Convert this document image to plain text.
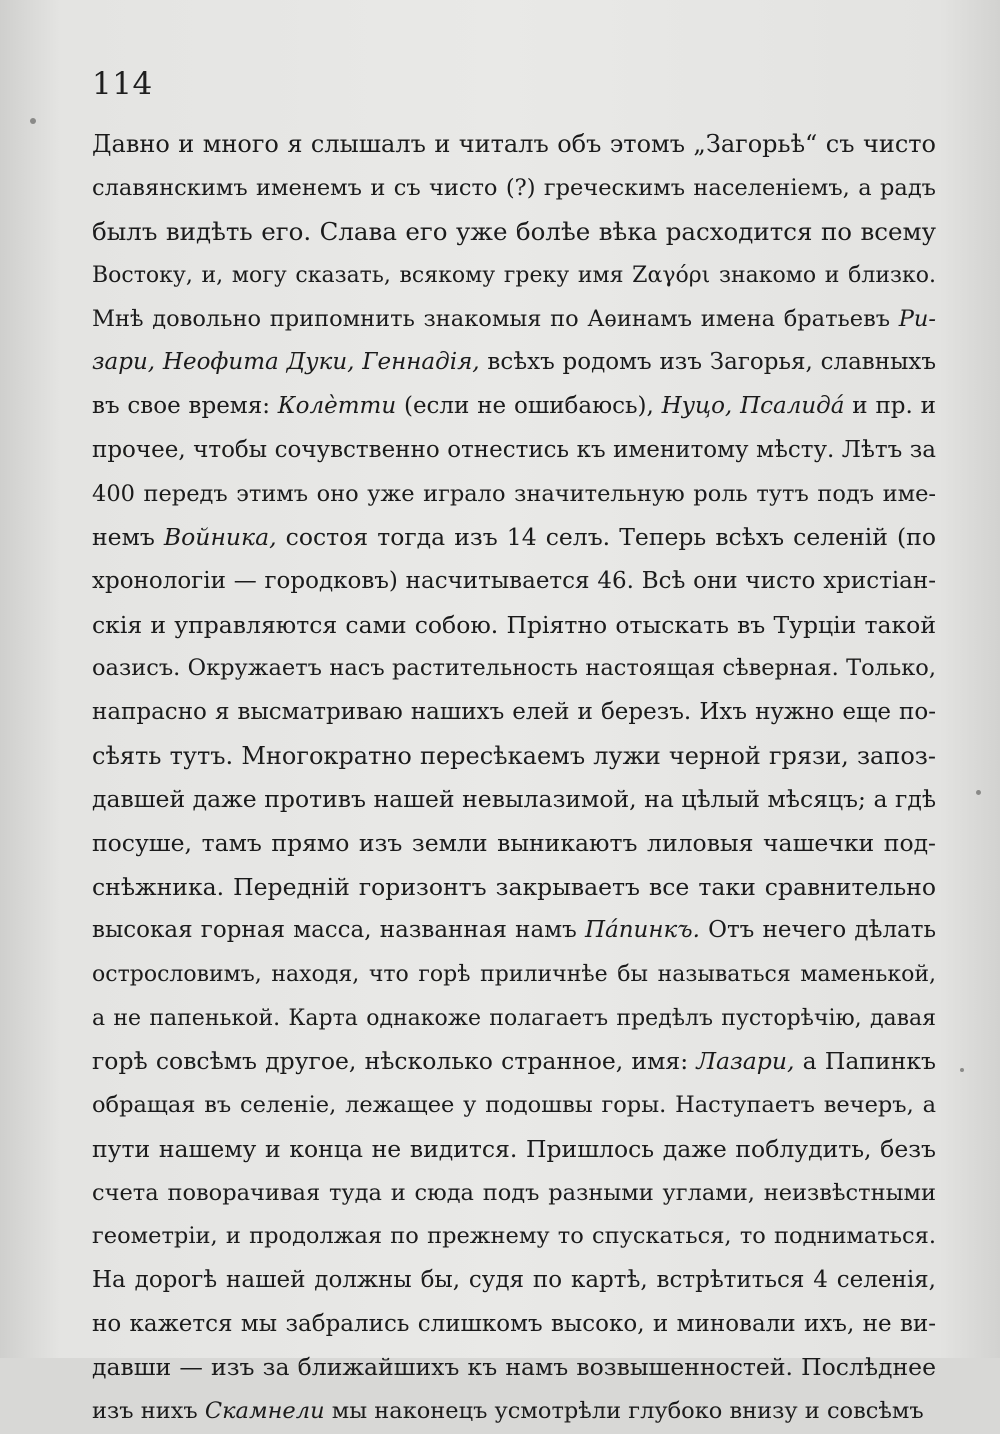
114
Давно и много я слышалъ и читалъ объ этомъ „Загорьѣ“ съ чисто
славянскимъ именемъ и съ чисто (?) греческимъ населеніемъ, а радъ
былъ видѣть его. Слава его уже болѣе вѣка расходится по всему
Востоку, и, могу сказать, всякому греку имя Ζαγόρι знакомо и близко.
Мнѣ довольно припомнить знакомыя по Аѳинамъ имена братьевъ Ри-
зари, Неофита Дуки, Геннадія, всѣхъ родомъ изъ Загорья, славныхъ
въ свое время: Колѐтти (если не ошибаюсь), Нуцо, Псалидá и пр. и
прочее, чтобы сочувственно отнестись къ именитому мѣсту. Лѣтъ за
400 передъ этимъ оно уже играло значительную роль тутъ подъ име-
немъ Войника, состоя тогда изъ 14 селъ. Теперь всѣхъ селеній (по
хронологіи — городковъ) насчитывается 46. Всѣ они чисто христіан-
скія и управляются сами собою. Пріятно отыскать въ Турціи такой
оазисъ. Окружаетъ насъ растительность настоящая сѣверная. Только,
напрасно я высматриваю нашихъ елей и березъ. Ихъ нужно еще по-
сѣять тутъ. Многократно пересѣкаемъ лужи черной грязи, запоз-
давшей даже противъ нашей невылазимой, на цѣлый мѣсяцъ; а гдѣ
посуше, тамъ прямо изъ земли выникаютъ лиловыя чашечки под-
снѣжника. Передній горизонтъ закрываетъ все таки сравнительно
высокая горная масса, названная намъ Пáпинкъ. Отъ нечего дѣлать
острословимъ, находя, что горѣ приличнѣе бы называться маменькой,
а не папенькой. Карта однакоже полагаетъ предѣлъ пусторѣчію, давая
горѣ совсѣмъ другое, нѣсколько странное, имя: Лазари, а Папинкъ
обращая въ селеніе, лежащее у подошвы горы. Наступаетъ вечеръ, а
пути нашему и конца не видится. Пришлось даже поблудить, безъ
счета поворачивая туда и сюда подъ разными углами, неизвѣстными
геометріи, и продолжая по прежнему то спускаться, то подниматься.
На дорогѣ нашей должны бы, судя по картѣ, встрѣтиться 4 селенія,
но кажется мы забрались слишкомъ высоко, и миновали ихъ, не ви-
давши — изъ за ближайшихъ къ намъ возвышенностей. Послѣднее
изъ нихъ Скамнели мы наконецъ усмотрѣли глубоко внизу и совсѣмъ
